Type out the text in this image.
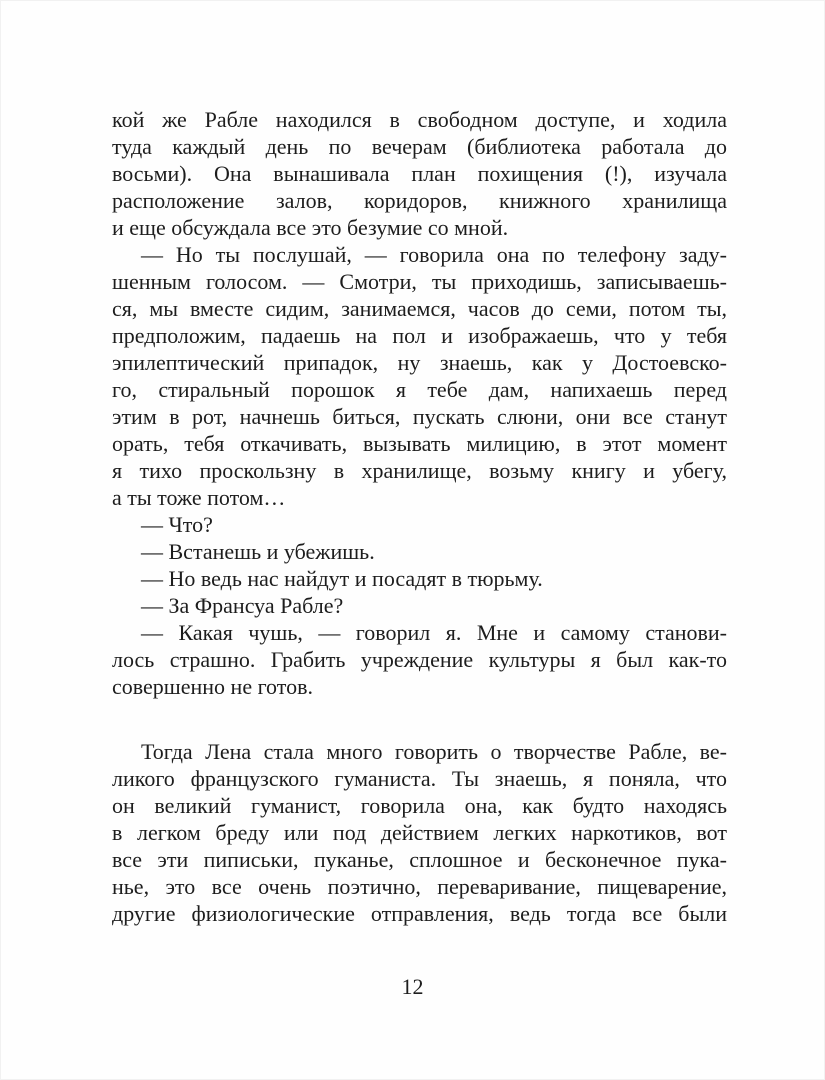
кой же Рабле находился в свободном доступе, и ходила
туда каждый день по вечерам (библиотека работала до
восьми). Она вынашивала план похищения (!), изучала
расположение залов, коридоров, книжного хранилища
и еще обсуждала все это безумие со мной.
— Но ты послушай, — говорила она по телефону заду-
шенным голосом. — Смотри, ты приходишь, записываешь-
ся, мы вместе сидим, занимаемся, часов до семи, потом ты,
предположим, падаешь на пол и изображаешь, что у тебя
эпилептический припадок, ну знаешь, как у Достоевско-
го, стиральный порошок я тебе дам, напихаешь перед
этим в рот, начнешь биться, пускать слюни, они все станут
орать, тебя откачивать, вызывать милицию, в этот момент
я тихо проскользну в хранилище, возьму книгу и убегу,
а ты тоже потом…
— Что?
— Встанешь и убежишь.
— Но ведь нас найдут и посадят в тюрьму.
— За Франсуа Рабле?
— Какая чушь, — говорил я. Мне и самому станови-
лось страшно. Грабить учреждение культуры я был как-то
совершенно не готов.
Тогда Лена стала много говорить о творчестве Рабле, ве-
ликого французского гуманиста. Ты знаешь, я поняла, что
он великий гуманист, говорила она, как будто находясь
в легком бреду или под действием легких наркотиков, вот
все эти пиписьки, пуканье, сплошное и бесконечное пука-
нье, это все очень поэтично, переваривание, пищеварение,
другие физиологические отправления, ведь тогда все были
12
